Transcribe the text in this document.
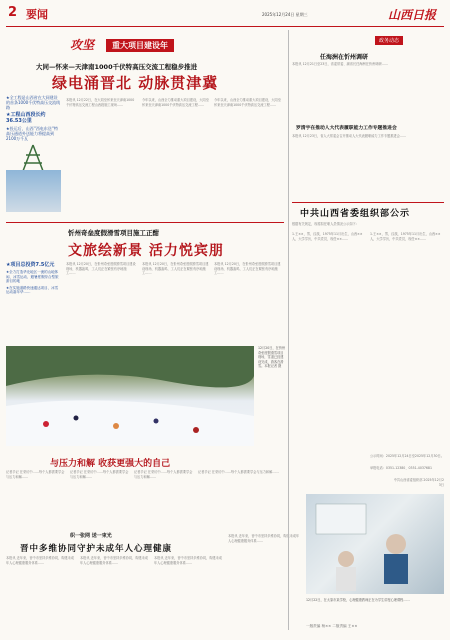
2 要闻	2025年12月24日 星期三	山西日报
攻坚	重大项目建设年
大同—怀来—天津南1000千伏特高压交流工程稳步推进
绿电涌晋北 动脉贯津冀
★全工程是山西省在大同建设的首条1000千伏特高压交流线路
★工程山西段长约36.53公里
★投运后，山西''西电东送''特高压通道外送能力将提高到2100万千瓦
本报讯 12月22日，在大同至怀来至天津南1000千伏特高压交流工程山西段施工现场……
今年以来，山西全力推动重大项目建设，大同至怀来至天津南1000千伏特高压交流工程……
今年以来，山西全力推动重大项目建设，大同至怀来至天津南1000千伏特高压交流工程……
忻州奇垒度假滑雪项目施工正酣
文旅绘新景 活力悦宾朋
★项目总投资7.5亿元
★全力打造华北地区一流的山地休闲、冰雪运动、避暑度假综合型旅游目的地
★在实施道路快速通达项目、冰雪运动嘉年华……
本报讯 12月20日，在忻州奇垒度假滑雪项目建设现场，机器轰鸣，工人们正在紧张有序地施工……
本报讯 12月20日，在忻州奇垒度假滑雪项目建设现场，机器轰鸣，工人们正在紧张有序地施工……
本报讯 12月20日，在忻州奇垒度假滑雪项目建设现场，机器轰鸣，工人们正在紧张有序地施工……
政务动态
任海洲在忻州调研
本报讯 12月21日至23日，省委常委、副省长任海洲在忻州调研……
罗清宇在推动人大代表履职能力工作专题推进会
本报讯 12月23日，省人大常委会召开推动人大代表履职能力工作专题推进会……
中共山西省委组织部公示
根据有关规定，现将拟任职人员情况公示如下：
1.王××，男，汉族，1975年11月出生，山西××人，大学学历，中共党员，现任××……
1.王××，男，汉族，1975年11月出生，山西××人，大学学历，中共党员，现任××……
公示时间：2025年12月24日至2025年12月30日。
举报电话：0351-12380、0351-4037681
中共山西省委组织部 2025年12月23日
12月20日，在忻州奇垒度假滑雪项目现场，雪道已经建设完成，游客在滑雪。本报记者 摄
与压力和解 收获更强大的自己
记者手记 在采访中……每个人都需要学会与压力和解……
记者手记 在采访中……每个人都需要学会与压力和解……
记者手记 在采访中……每个人都需要学会与压力和解……
记者手记 在采访中……每个人都需要学会与压力和解……
织一张网 送一束光
晋中多维协同守护未成年人心理健康
本报讯 近年来，晋中市坚持多维协同，构建未成年人心理健康服务体系……
本报讯 近年来，晋中市坚持多维协同，构建未成年人心理健康服务体系……
本报讯 近年来，晋中市坚持多维协同，构建未成年人心理健康服务体系……
本报讯 近年来，晋中市坚持多维协同，构建未成年人心理健康服务体系……
12月22日，在太原市某学校，心理健康教师正在为学生讲授心理课程……
一版责编 杨×× 二版责编 王××
